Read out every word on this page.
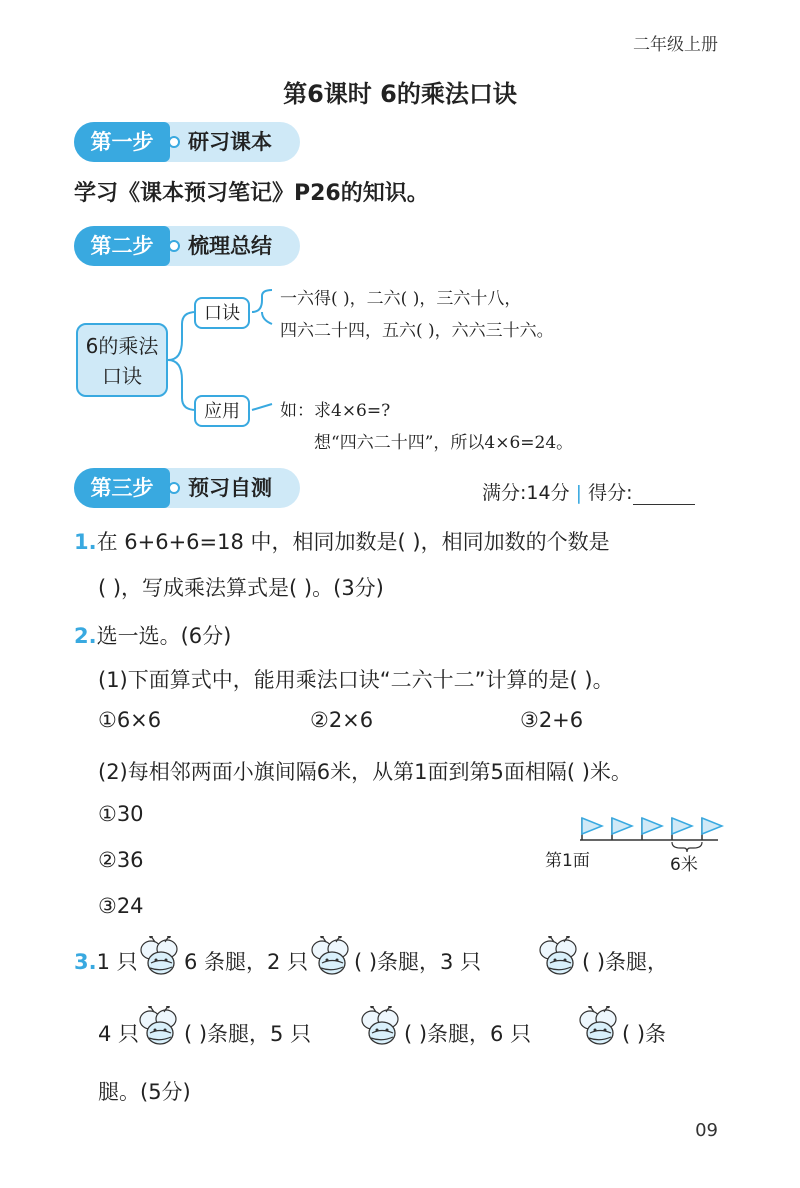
二年级上册
第6课时 6的乘法口诀
第一步	研习课本
学习《课本预习笔记》P26的知识。
第二步	梳理总结
6的乘法
口诀
口诀
应用
一六得( )，二六( )，三六十八，
四六二十四，五六( )，六六三十六。
如：求4×6=?
想“四六二十四”，所以4×6=24。
第三步	预习自测	满分:14分 | 得分:
1.在 6+6+6=18 中，相同加数是( )，相同加数的个数是
( )，写成乘法算式是( )。(3分)
2.选一选。(6分)
(1)下面算式中，能用乘法口诀“二六十二”计算的是( )。
①6×6	②2×6	③2+6
(2)每相邻两面小旗间隔6米，从第1面到第5面相隔( )米。
①30
②36
③24
第1面	6米
3.1 只 6 条腿，2 只 ( )条腿，3 只	( )条腿，
4 只 ( )条腿，5 只	( )条腿，6 只	( )条
腿。(5分)
09
